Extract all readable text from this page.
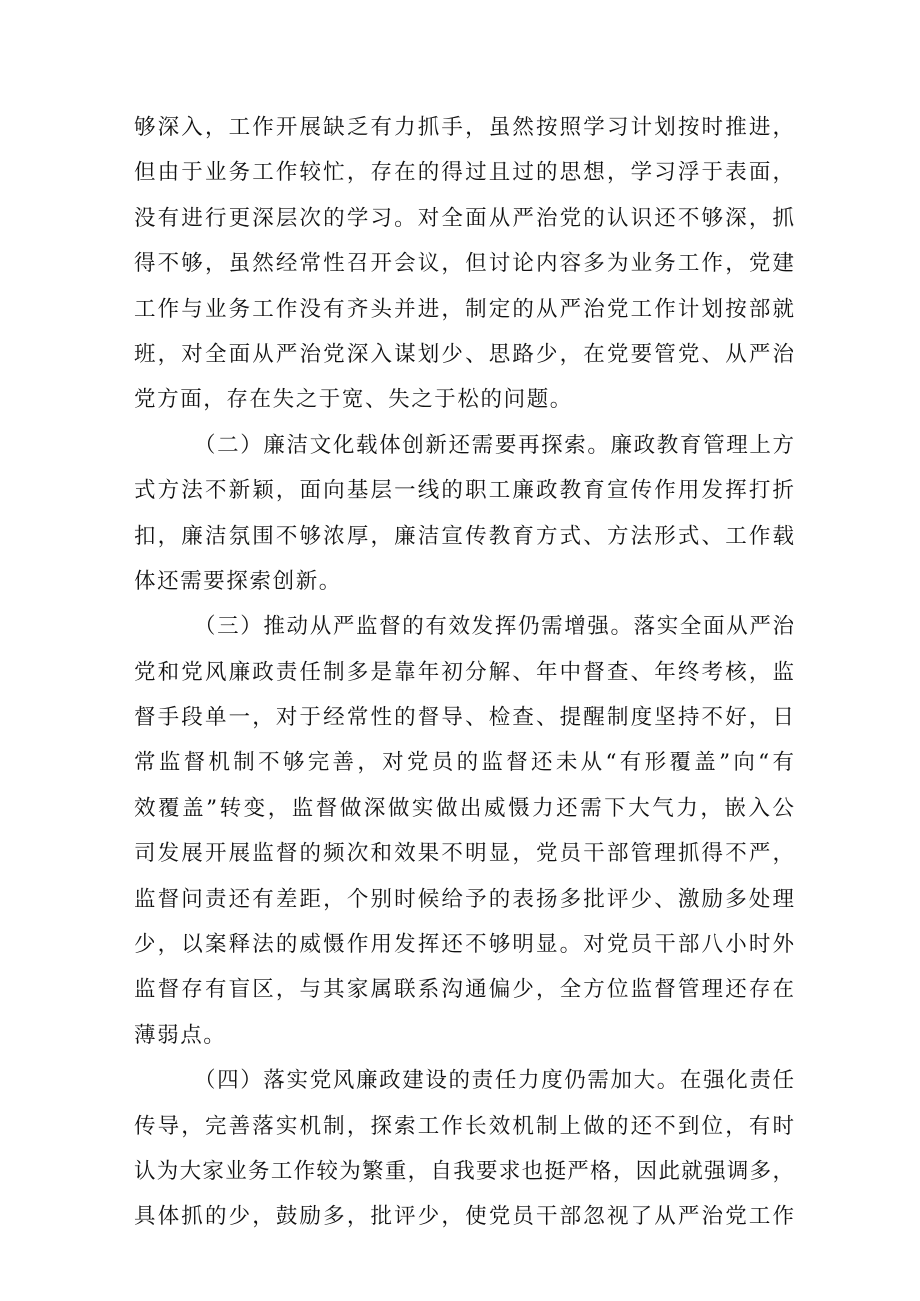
够深入，工作开展缺乏有力抓手，虽然按照学习计划按时推进，
但由于业务工作较忙，存在的得过且过的思想，学习浮于表面，
没有进行更深层次的学习。对全面从严治党的认识还不够深，抓
得不够，虽然经常性召开会议，但讨论内容多为业务工作，党建
工作与业务工作没有齐头并进，制定的从严治党工作计划按部就
班，对全面从严治党深入谋划少、思路少，在党要管党、从严治
党方面，存在失之于宽、失之于松的问题。
（二）廉洁文化载体创新还需要再探索。廉政教育管理上方
式方法不新颖，面向基层一线的职工廉政教育宣传作用发挥打折
扣，廉洁氛围不够浓厚，廉洁宣传教育方式、方法形式、工作载
体还需要探索创新。
（三）推动从严监督的有效发挥仍需增强。落实全面从严治
党和党风廉政责任制多是靠年初分解、年中督查、年终考核，监
督手段单一，对于经常性的督导、检查、提醒制度坚持不好，日
常监督机制不够完善，对党员的监督还未从“有形覆盖”向“有
效覆盖”转变，监督做深做实做出威慑力还需下大气力，嵌入公
司发展开展监督的频次和效果不明显，党员干部管理抓得不严，
监督问责还有差距，个别时候给予的表扬多批评少、激励多处理
少，以案释法的威慑作用发挥还不够明显。对党员干部八小时外
监督存有盲区，与其家属联系沟通偏少，全方位监督管理还存在
薄弱点。
（四）落实党风廉政建设的责任力度仍需加大。在强化责任
传导，完善落实机制，探索工作长效机制上做的还不到位，有时
认为大家业务工作较为繁重，自我要求也挺严格，因此就强调多，
具体抓的少，鼓励多，批评少，使党员干部忽视了从严治党工作
